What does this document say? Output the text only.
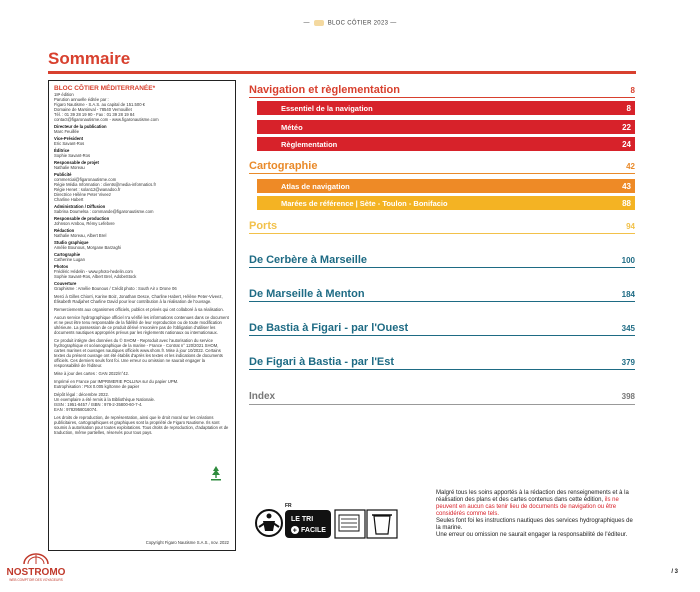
—	BLOC CÔTIER 2023 —
Sommaire
BLOC CÔTIER MÉDITERRANÉE*

18ª édition

Parution annuelle éditée par :

Figaro Nautisme - S.A.S. au capital de 151.500 €

Domaine de Marsinval - 78540 Vernouillet

Tél. : 01 39 28 19 90 - Fax : 01 39 28 19 84

contact@figaronautisme.com - www.figaronautisme.com

Directeur de la publication

Marc Feuillée

Vice-Président

Eric Savant-Ros

Éditrice

Sophie Savant-Ros

Responsable de projet

Nathalie Moreau

Publicité

commercial@figaronautisme.com

Régie Média Information : clients@media-informatics.fr

Régie Henet : solan12@wanadoo.fr

Directrice Hélène Peter Viveez

Charline Habert

Administration / Diffusion

Sabrina Doumelsa : commande@figaronautisme.com

Responsable de production

Johnson Ambou, Rémy Lefebvre

Rédaction

Nathalie Moreau, Albert Brel

Studio graphique

Amélie Bounous, Morgane Barzaghi

Cartographie

Catherine Lugan

Photos

Frédéric Hédelin - www.photo-hedelin.com

Sophie Savant-Ros, Albert Brel, AdobeStock

Couverture

Graphisme : Amélie Bounous / Crédit photo : South Air x Drone 06

Merci à Gilles Chiorri, Karine Boiz, Jonathan Desce, Charline Habert, Hélène Peter-Viveez, Élisabeth Radjahet Charline David pour leur contribution à la réalisation de l'ouvrage.

Remerciements aux organismes officiels, publics et privés qui ont collaboré à sa réalisation.

Aucun service hydrographique officiel n'a vérifié les informations contenues dans ce document et ne peut être tenu responsable de la fidélité de leur reproduction ou de toute modification ultérieure. La possession de ce produit dérivé n'exonère pas de l'obligation d'utiliser les documents nautiques appropriés prévus par les règlements nationaux ou internationaux.

Ce produit intègre des données du © SHOM - Reproduit avec l'autorisation du service hydrographique et océanographique de la marine - France - Contrat n° 120/2021 SHOM, cartes marines et ouvrages nautiques officiels www.shom.fr. Mise à jour 10/2022. Certains textes du présent ouvrage ont été établis d'après les textes et les indications de documents officiels. Ces derniers seuls font foi. Une erreur ou omission ne saurait engager la responsabilité de l'éditeur.

Mise à jour des cartes : GAN 2022/n°42.

Imprimé en France par IMPRIMERIE POLLINA sur du papier UPM.

Eutrophisation : Ptot 0.005 kg/tonne de papier

Dépôt légal : décembre 2022.

Un exemplaire a été remis à la Bibliothèque Nationale.

ISSN : 1951-8457 / ISBN : 978-2-35800-60-7-4.

EAN : 9782958016074.

Les droits de reproduction, de représentation, ainsi que le droit moral sur les créations publicitaires, cartographiques et graphiques sont la propriété de Figaro Nautisme. Ils sont soumis à autorisation pour toutes exploitations. Tous droits de reproduction, d'adaptation et de traduction, même partielles, réservés pour tous pays.

Copyright Figaro Nautisme S.A.S., nov. 2022
Navigation et règlementation	8
Essentiel de la navigation	8
Météo	22
Règlementation	24
Cartographie	42
Atlas de navigation	43
Marées de référence | Sète - Toulon - Bonifacio	88
Ports	94
De Cerbère à Marseille	100
De Marseille à Menton	184
De Bastia à Figari - par l'Ouest	345
De Figari à Bastia - par l'Est	379
Index	398
FR
LE TRI
+ FACILE
Malgré tous les soins apportés à la rédaction des renseignements et à la réalisation des plans et des cartes contenus dans cette édition, ils ne peuvent en aucun cas tenir lieu de documents de navigation ou être considérés comme tels.
Seules font foi les instructions nautiques des services hydrographiques de la marine.
Une erreur ou omission ne saurait engager la responsabilité de l'éditeur.
NOSTROMO
WEB COMPTOIR DES VOYAGEURS
/ 3
